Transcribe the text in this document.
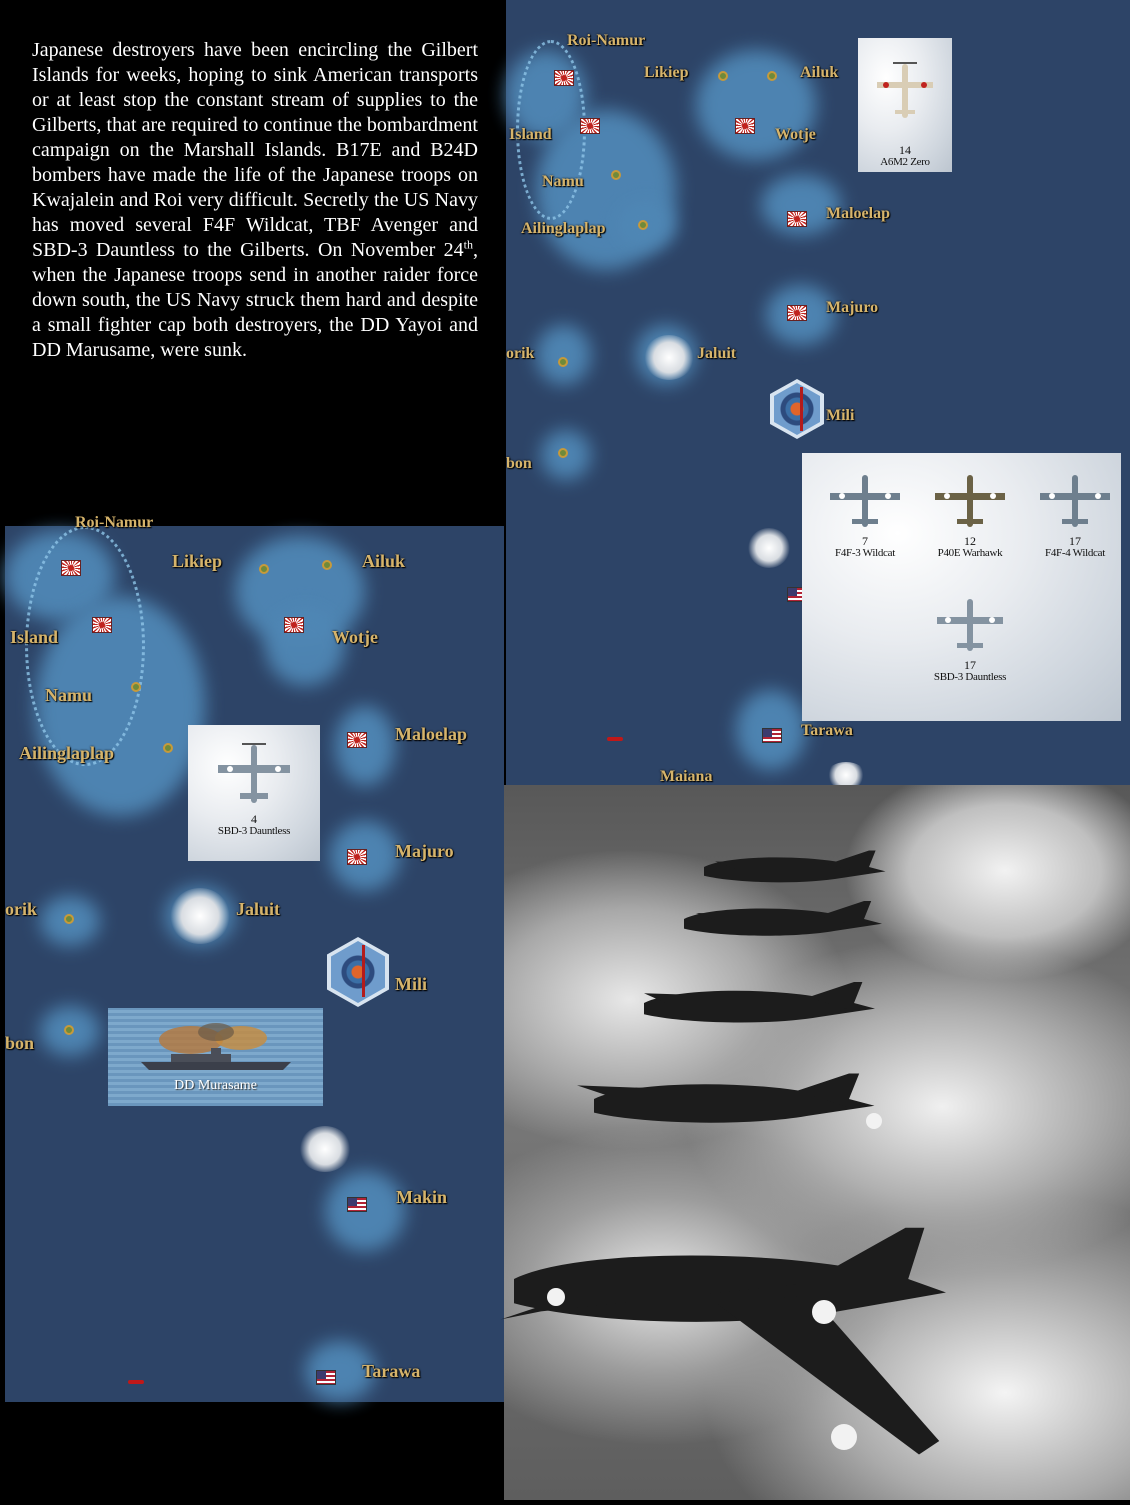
Japanese destroyers have been encircling the Gilbert Islands for weeks, hoping to sink American transports or at least stop the constant stream of supplies to the Gilberts, that are required to continue the bombardment campaign on the Marshall Islands. B17E and B24D bombers have made the life of the Japanese troops on Kwajalein and Roi very difficult. Secretly the US Navy has moved several F4F Wildcat, TBF Avenger and SBD-3 Dauntless to the Gilberts. On November 24th, when the Japanese troops send in another raider force down south, the US Navy struck them hard and despite a small fighter cap both destroyers, the DD Yayoi and DD Marusame, were sunk.

Roi-Namur
Likiep	Ailuk
Island	Wotje
Namu
Maloelap
Ailinglaplap
Majuro
orik	Jaluit
Mili
bon
Tarawa
Maiana
14
A6M2 Zero
7
F4F-3 Wildcat
12
P40E Warhawk
17
F4F-4 Wildcat
17
SBD-3 Dauntless
Roi-Namur
Likiep	Ailuk
Island	Wotje
Namu
Maloelap
Ailinglaplap
Majuro
orik	Jaluit
Mili
bon
Makin
Tarawa
4
SBD-3 Dauntless
DD Murasame
